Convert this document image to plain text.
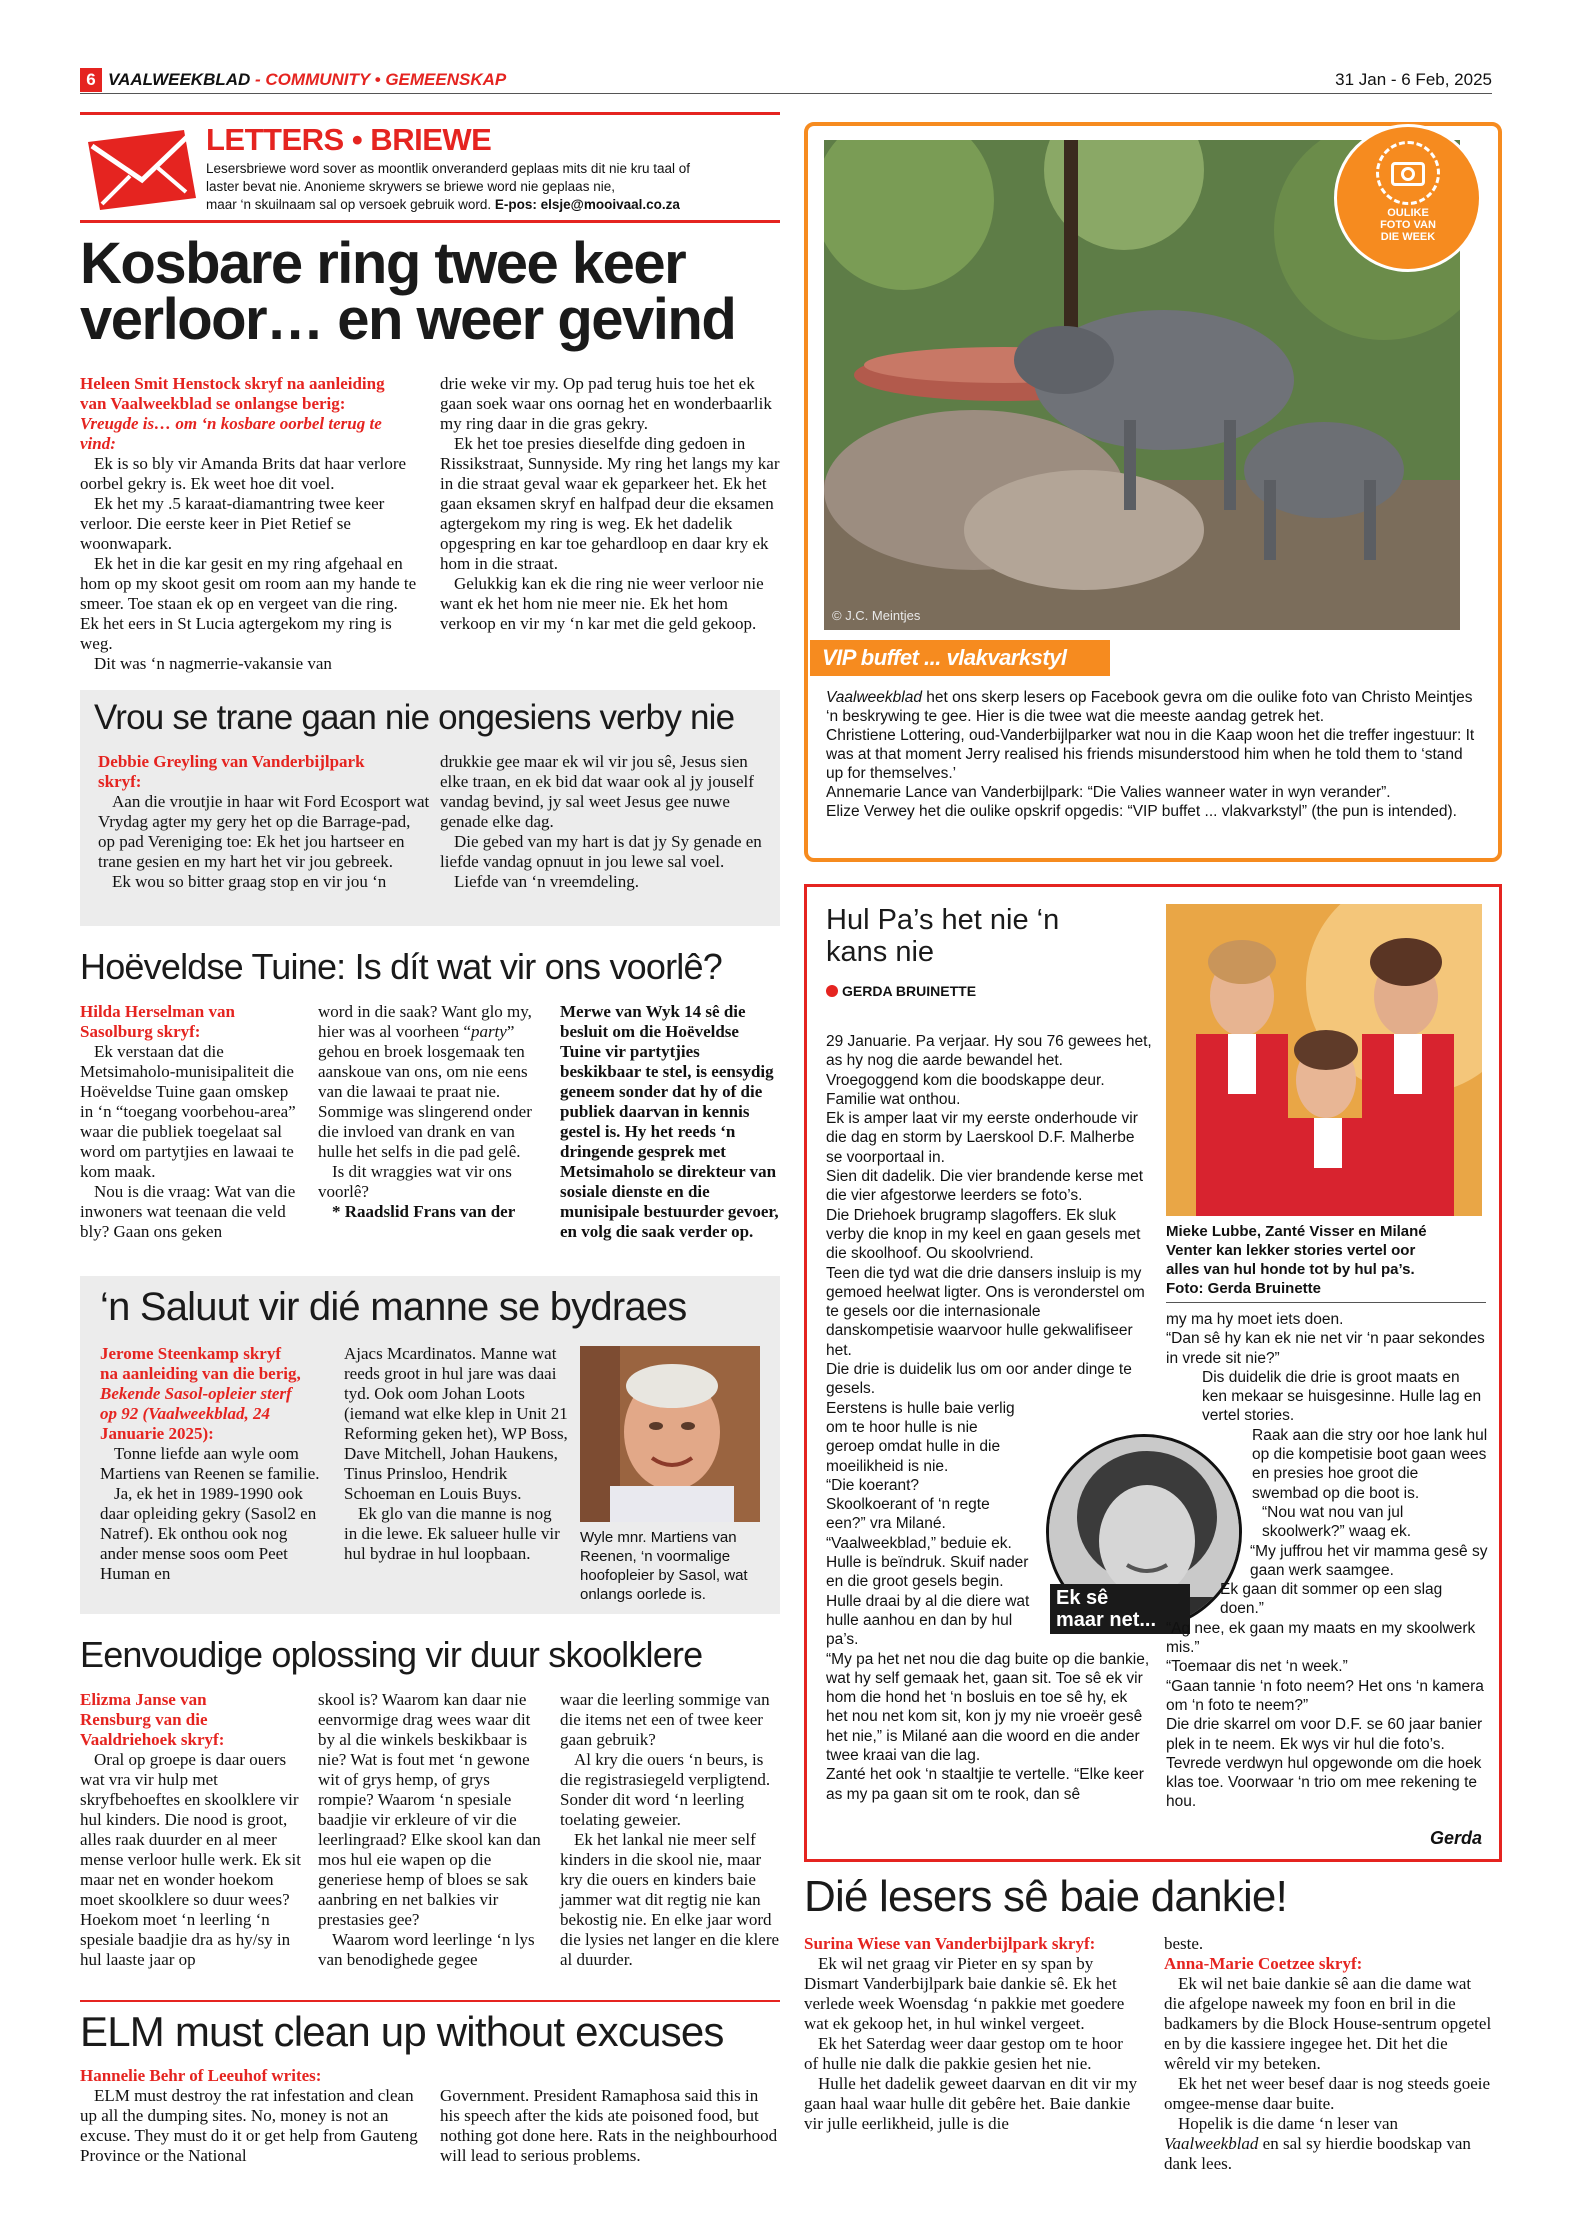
6 VAALWEEKBLAD - COMMUNITY • GEMEENSKAP	31 Jan - 6 Feb, 2025
LETTERS • BRIEWE
Lesersbriewe word sover as moontlik onveranderd geplaas mits dit nie kru taal of
laster bevat nie. Anonieme skrywers se briewe word nie geplaas nie,
maar ‘n skuilnaam sal op versoek gebruik word. E-pos: elsje@mooivaal.co.za
Kosbare ring twee keer
verloor… en weer gevind

Heleen Smit Henstock skryf na aanleiding

van Vaalweekblad se onlangse berig:

Vreugde is… om ‘n kosbare oorbel terug te

vind:

Ek is so bly vir Amanda Brits dat haar verlore oorbel gekry is. Ek weet hoe dit voel.

Ek het my .5 karaat-diamantring twee keer verloor. Die eerste keer in Piet Retief se woonwapark.

Ek het in die kar gesit en my ring afgehaal en hom op my skoot gesit om room aan my hande te smeer. Toe staan ek op en vergeet van die ring. Ek het eers in St Lucia agtergekom my ring is weg.

Dit was ‘n nagmerrie-vakansie van

drie weke vir my. Op pad terug huis toe het ek gaan soek waar ons oornag het en wonderbaarlik my ring daar in die gras gekry.

Ek het toe presies dieselfde ding gedoen in Rissikstraat, Sunnyside. My ring het langs my kar in die straat geval waar ek geparkeer het. Ek het gaan eksamen skryf en halfpad deur die eksamen agtergekom my ring is weg. Ek het dadelik opgespring en kar toe gehardloop en daar kry ek hom in die straat.

Gelukkig kan ek die ring nie weer verloor nie want ek het hom nie meer nie. Ek het hom verkoop en vir my ‘n kar met die geld gekoop.	© J.C. Meintjes
OULIKE
FOTO VAN
DIE WEEK
VIP buffet ... vlakvarkstyl

Vaalweekblad het ons skerp lesers op Facebook gevra om die oulike foto van Christo Meintjes ‘n beskrywing te gee. Hier is die twee wat die meeste aandag getrek het.

Christiene Lottering, oud-Vanderbijlparker wat nou in die Kaap woon het die treffer ingestuur: It was at that moment Jerry realised his friends misunderstood him when he told them to ‘stand up for themselves.’

Annemarie Lance van Vanderbijlpark: “Die Valies wanneer water in wyn verander”.

Elize Verwey het die oulike opskrif opgedis: “VIP buffet ... vlakvarkstyl” (the pun is intended).

Vrou se trane gaan nie ongesiens verby nie

Debbie Greyling van Vanderbijlpark

skryf:

Aan die vroutjie in haar wit Ford Ecosport wat Vrydag agter my gery het op die Barrage-pad, op pad Vereniging toe: Ek het jou hartseer en trane gesien en my hart het vir jou gebreek.

Ek wou so bitter graag stop en vir jou ‘n

drukkie gee maar ek wil vir jou sê, Jesus sien elke traan, en ek bid dat waar ook al jy jouself vandag bevind, jy sal weet Jesus gee nuwe genade elke dag.

Die gebed van my hart is dat jy Sy genade en liefde vandag opnuut in jou lewe sal voel.

Liefde van ‘n vreemdeling.

Hoëveldse Tuine: Is dít wat vir ons voorlê?

Hilda Herselman van

Sasolburg skryf:

Ek verstaan dat die Metsimaholo-munisipaliteit die Hoëveldse Tuine gaan omskep in ‘n “toegang voorbehou-area” waar die publiek toegelaat sal word om partytjies en lawaai te kom maak.

Nou is die vraag: Wat van die inwoners wat teenaan die veld bly? Gaan ons geken

word in die saak? Want glo my, hier was al voorheen “party” gehou en broek losgemaak ten aanskoue van ons, om nie eens van die lawaai te praat nie. Sommige was slingerend onder die invloed van drank en van hulle het selfs in die pad gelê.

Is dit wraggies wat vir ons voorlê?

* Raadslid Frans van der

Merwe van Wyk 14 sê die besluit om die Hoëveldse Tuine vir partytjies beskikbaar te stel, is eensydig geneem sonder dat hy of die publiek daarvan in kennis gestel is. Hy het reeds ‘n dringende gesprek met Metsimaholo se direkteur van sosiale dienste en die munisipale bestuurder gevoer, en volg die saak verder op.

‘n Saluut vir dié manne se bydraes

Jerome Steenkamp skryf

na aanleiding van die berig,

Bekende Sasol-opleier sterf

op 92 (Vaalweekblad, 24

Januarie 2025):

Tonne liefde aan wyle oom Martiens van Reenen se familie.

Ja, ek het in 1989-1990 ook daar opleiding gekry (Sasol2 en Natref). Ek onthou ook nog ander mense soos oom Peet Human en

Ajacs Mcardinatos. Manne wat reeds groot in hul jare was daai tyd. Ook oom Johan Loots (iemand wat elke klep in Unit 21 Reforming geken het), WP Boss, Dave Mitchell, Johan Haukens, Tinus Prinsloo, Hendrik Schoeman en Louis Buys.

Ek glo van die manne is nog in die lewe. Ek salueer hulle vir hul bydrae in hul loopbaan.

Wyle mnr. Martiens van Reenen, ‘n voormalige hoofopleier by Sasol, wat onlangs oorlede is.
Eenvoudige oplossing vir duur skoolklere

Elizma Janse van

Rensburg van die

Vaaldriehoek skryf:

Oral op groepe is daar ouers wat vra vir hulp met skryfbehoeftes en skoolklere vir hul kinders. Die nood is groot, alles raak duurder en al meer mense verloor hulle werk. Ek sit maar net en wonder hoekom moet skoolklere so duur wees? Hoekom moet ‘n leerling ‘n spesiale baadjie dra as hy/sy in hul laaste jaar op

skool is? Waarom kan daar nie eenvormige drag wees waar dit by al die winkels beskikbaar is nie? Wat is fout met ‘n gewone wit of grys hemp, of grys rompie? Waarom ‘n spesiale baadjie vir erkleure of vir die leerlingraad? Elke skool kan dan mos hul eie wapen op die generiese hemp of bloes se sak aanbring en net balkies vir prestasies gee?

Waarom word leerlinge ‘n lys van benodighede gegee

waar die leerling sommige van die items net een of twee keer gaan gebruik?

Al kry die ouers ‘n beurs, is die registrasiegeld verpligtend. Sonder dit word ‘n leerling toelating geweier.

Ek het lankal nie meer self kinders in die skool nie, maar kry die ouers en kinders baie jammer wat dit regtig nie kan bekostig nie. En elke jaar word die lysies net langer en die klere al duurder.

ELM must clean up without excuses

Hannelie Behr of Leeuhof writes:

ELM must destroy the rat infestation and clean up all the dumping sites. No, money is not an excuse. They must do it or get help from Gauteng Province or the National

Government. President Ramaphosa said this in his speech after the kids ate poisoned food, but nothing got done here. Rats in the neighbourhood will lead to serious problems.

Hul Pa’s het nie ‘n
kans nie
GERDA BRUINETTE

Mieke Lubbe, Zanté Visser en Milané

Venter kan lekker stories vertel oor

alles van hul honde tot by hul pa’s.

Foto: Gerda Bruinette

29 Januarie. Pa verjaar. Hy sou 76 gewees het, as hy nog die aarde bewandel het. Vroegoggend kom die boodskappe deur. Familie wat onthou.

Ek is amper laat vir my eerste onderhoude vir die dag en storm by Laerskool D.F. Malherbe se voorportaal in.

Sien dit dadelik. Die vier brandende kerse met die vier afgestorwe leerders se foto’s.

Die Driehoek brugramp slagoffers. Ek sluk verby die knop in my keel en gaan gesels met die skoolhoof. Ou skoolvriend.

Teen die tyd wat die drie dansers insluip is my gemoed heelwat ligter. Ons is veronderstel om te gesels oor die internasionale danskompetisie waarvoor hulle gekwalifiseer het.

Die drie is duidelik lus om oor ander dinge te gesels.

Eerstens is hulle baie verlig om te hoor hulle is nie geroep omdat hulle in die moeilikheid is nie.

“Die koerant?

Skoolkoerant of ‘n regte een?” vra Milané.

“Vaalweekblad,” beduie ek. Hulle is beïndruk. Skuif nader en die groot gesels begin. Hulle draai by al die diere wat hulle aanhou en dan by hul pa’s.

“My pa het net nou die dag buite op die bankie, wat hy self gemaak het, gaan sit. Toe sê ek vir hom die hond het ‘n bosluis en toe sê hy, ek het nou net kom sit, kon jy my nie vroeër gesê het nie,” is Milané aan die woord en die ander twee kraai van die lag.

Zanté het ook ‘n staaltjie te vertelle. “Elke keer as my pa gaan sit om te rook, dan sê

Ek sê
maar net...

my ma hy moet iets doen.

“Dan sê hy kan ek nie net vir ‘n paar sekondes in vrede sit nie?”

Dis duidelik die drie is groot maats en ken mekaar se huisgesinne. Hulle lag en vertel stories.

Raak aan die stry oor hoe lank hul op die kompetisie boot gaan wees en presies hoe groot die swembad op die boot is.

“Nou wat nou van jul skoolwerk?” waag ek.

“My juffrou het vir mamma gesê sy gaan werk saamgee.

Ek gaan dit sommer op een slag doen.”

“Ag nee, ek gaan my maats en my skoolwerk mis.”

“Toemaar dis net ‘n week.”

“Gaan tannie ‘n foto neem? Het ons ‘n kamera om ‘n foto te neem?”

Die drie skarrel om voor D.F. se 60 jaar banier plek in te neem. Ek wys vir hul die foto’s. Tevrede verdwyn hul opgewonde om die hoek klas toe. Voorwaar ‘n trio om mee rekening te hou.

Gerda
Dié lesers sê baie dankie!

Surina Wiese van Vanderbijlpark skryf:

Ek wil net graag vir Pieter en sy span by Dismart Vanderbijlpark baie dankie sê. Ek het verlede week Woensdag ‘n pakkie met goedere wat ek gekoop het, in hul winkel vergeet.

Ek het Saterdag weer daar gestop om te hoor of hulle nie dalk die pakkie gesien het nie.

Hulle het dadelik geweet daarvan en dit vir my gaan haal waar hulle dit gebêre het. Baie dankie vir julle eerlikheid, julle is die

beste.

Anna-Marie Coetzee skryf:

Ek wil net baie dankie sê aan die dame wat die afgelope naweek my foon en bril in die badkamers by die Block House-sentrum opgetel en by die kassiere ingegee het. Dit het die wêreld vir my beteken.

Ek het net weer besef daar is nog steeds goeie omgee-mense daar buite.

Hopelik is die dame ‘n leser van Vaalweekblad en sal sy hierdie boodskap van dank lees.
